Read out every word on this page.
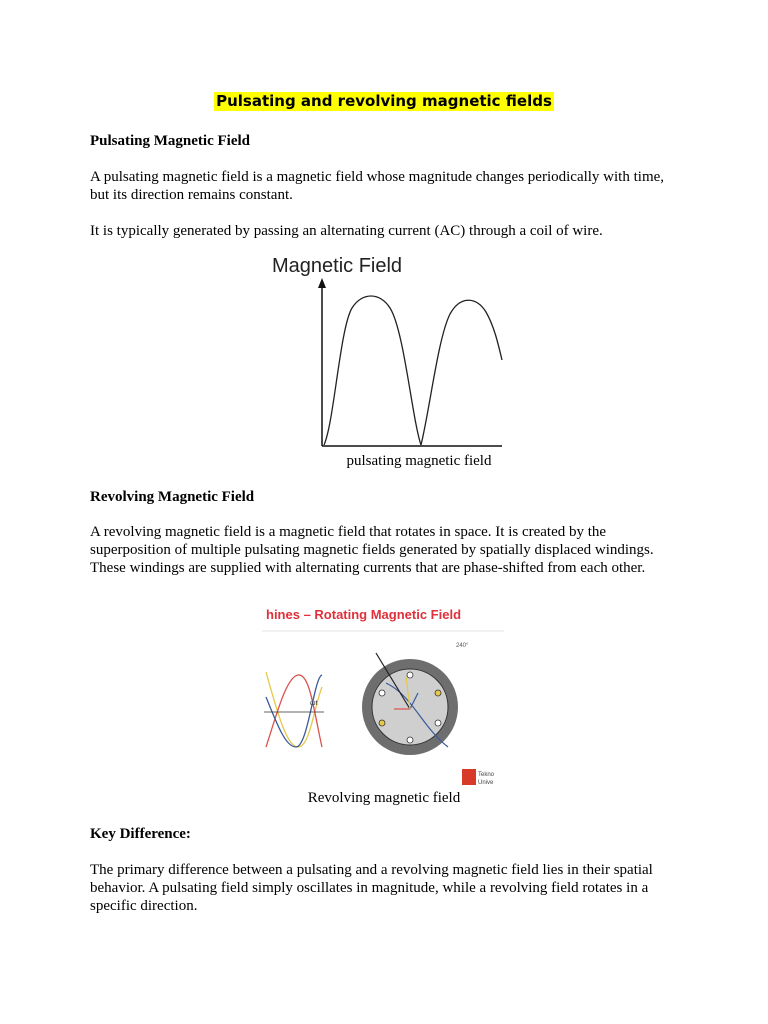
Pulsating and revolving magnetic fields
Pulsating Magnetic Field

A pulsating magnetic field is a magnetic field whose magnitude changes periodically with time, but its direction remains constant.

It is typically generated by passing an alternating current (AC) through a coil of wire.

Magnetic Field
pulsating magnetic field
Revolving Magnetic Field

A revolving magnetic field is a magnetic field that rotates in space. It is created by the superposition of multiple pulsating magnetic fields generated by spatially displaced windings. These windings are supplied with alternating currents that are phase-shifted from each other.

hines – Rotating Magnetic Field
ωt
240°
Tekno
Unive
Revolving magnetic field
Key Difference:

The primary difference between a pulsating and a revolving magnetic field lies in their spatial behavior. A pulsating field simply oscillates in magnitude, while a revolving field rotates in a specific direction.
